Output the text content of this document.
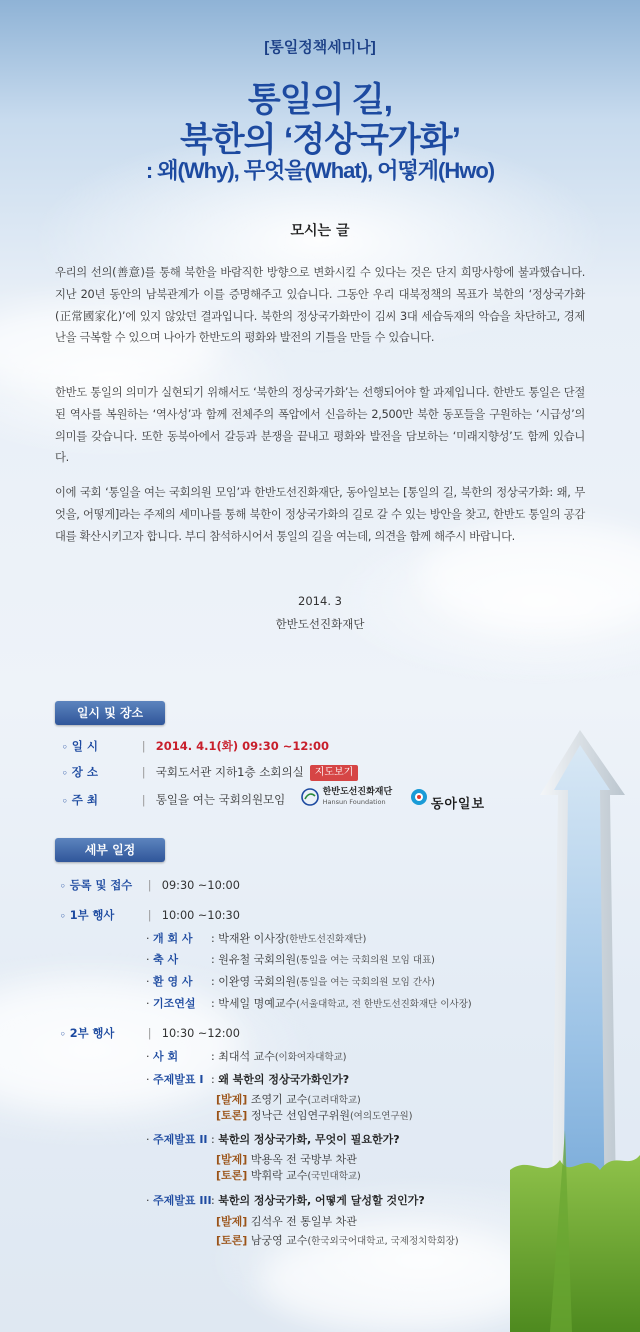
[통일정책세미나]
통일의 길,
북한의 ‘정상국가화’
: 왜(Why), 무엇을(What), 어떻게(Hwo)
모시는 글

우리의 선의(善意)를 통해 북한을 바람직한 방향으로 변화시킬 수 있다는 것은 단지 희망사항에 불과했습니다. 지난 20년 동안의 남북관계가 이를 증명해주고 있습니다. 그동안 우리 대북정책의 목표가 북한의 ‘정상국가화(正常國家化)’에 있지 않았던 결과입니다. 북한의 정상국가화만이 김씨 3대 세습독재의 악습을 차단하고, 경제난을 극복할 수 있으며 나아가 한반도의 평화와 발전의 기틀을 만들 수 있습니다.

한반도 통일의 의미가 실현되기 위해서도 ‘북한의 정상국가화’는 선행되어야 할 과제입니다. 한반도 통일은 단절된 역사를 복원하는 ‘역사성’과 함께 전체주의 폭압에서 신음하는 2,500만 북한 동포들을 구원하는 ‘시급성’의 의미를 갖습니다. 또한 동북아에서 갈등과 분쟁을 끝내고 평화와 발전을 담보하는 ‘미래지향성’도 함께 있습니다.

이에 국회 ‘통일을 여는 국회의원 모임’과 한반도선진화재단, 동아일보는 [통일의 길, 북한의 정상국가화: 왜, 무엇을, 어떻게]라는 주제의 세미나를 통해 북한이 정상국가화의 길로 갈 수 있는 방안을 찾고, 한반도 통일의 공감대를 확산시키고자 합니다. 부디 참석하시어서 통일의 길을 여는데, 의견을 함께 해주시 바랍니다.

2014. 3
한반도선진화재단
일시 및 장소
◦ 일 시	| 2014. 4.1(화) 09:30 ~12:00
◦ 장 소	| 국회도서관 지하1층 소회의실 지도보기
◦ 주 최	| 통일을 여는 국회의원모임
한반도선진화재단
Hansun Foundation	동아일보
세부 일정
◦ 등록 및 접수 | 09:30 ~10:00
◦ 1부 행사	| 10:00 ~10:30
· 개 회 사 : 박재완 이사장(한반도선진화재단)
· 축 사	: 원유철 국회의원(통일을 여는 국회의원 모임 대표)
· 환 영 사 : 이완영 국회의원(통일을 여는 국회의원 모임 간사)
· 기조연설 : 박세일 명예교수(서울대학교, 전 한반도선진화재단 이사장)
◦ 2부 행사	| 10:30 ~12:00
· 사 회	: 최대석 교수(이화여자대학교)
· 주제발표 I : 왜 북한의 정상국가화인가?
[발제] 조영기 교수(고려대학교)
[토론] 정낙근 선임연구위원(여의도연구원)
· 주제발표 II : 북한의 정상국가화, 무엇이 필요한가?
[발제] 박용옥 전 국방부 차관
[토론] 박휘락 교수(국민대학교)
· 주제발표 III: 북한의 정상국가화, 어떻게 달성할 것인가?
[발제] 김석우 전 통일부 차관
[토론] 남궁영 교수(한국외국어대학교, 국제정치학회장)
